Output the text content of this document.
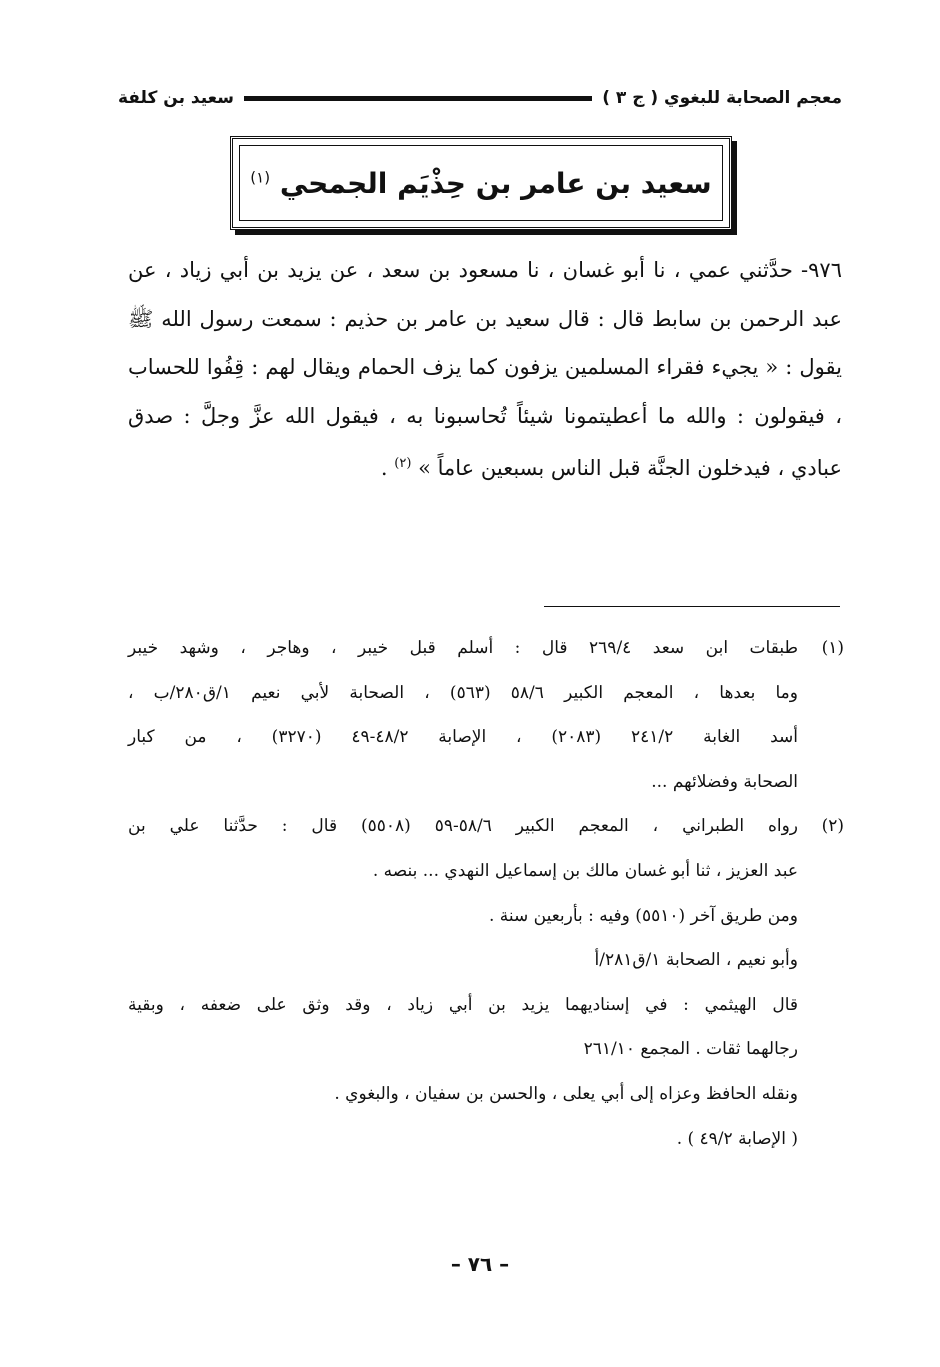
معجم الصحابة للبغوي ( ج ٣ )
سعيد بن كلفة
سعيد بن عامر بن حِذْيَم الجمحي $^{(١)}$

٩٧٦- حدَّثني عمي ، نا أبو غسان ، نا مسعود بن سعد ، عن يزيد بن أبي زياد ، عن عبد الرحمن بن سابط قال : قال سعيد بن عامر بن حذيم : سمعت رسول الله ﷺ يقول : « يجيء فقراء المسلمين يزفون كما يزف الحمام ويقال لهم : قِفُوا للحساب ، فيقولون : والله ما أعطيتمونا شيئاً تُحاسبونا به ، فيقول الله عزَّ وجلَّ : صدق عبادي ، فيدخلون الجنَّة قبل الناس بسبعين عاماً » $^{(٢)}$ .

(١)
طبقات ابن سعد ٢٦٩/٤ قال : أسلم قبل خيبر ، وهاجر ، وشهد خيبر
وما بعدها ، المعجم الكبير ٥٨/٦ (٥٦٣) ، الصحابة لأبي نعيم ١/ق٢٨٠/ب ،
أسد الغابة ٢٤١/٢ (٢٠٨٣) ، الإصابة ٤٨/٢-٤٩ (٣٢٧٠) ، من كبار
الصحابة وفضلائهم ...
(٢)
رواه الطبراني ، المعجم الكبير ٥٨/٦-٥٩ (٥٥٠٨) قال : حدَّثنا علي بن
عبد العزيز ، ثنا أبو غسان مالك بن إسماعيل النهدي ... بنصه .
ومن طريق آخر (٥٥١٠) وفيه : بأربعين سنة .
وأبو نعيم ، الصحابة ١/ق٢٨١/أ
قال الهيثمي : في إسناديهما يزيد بن أبي زياد ، وقد وثق على ضعفه ، وبقية
رجالهما ثقات . المجمع ٢٦١/١٠
ونقله الحافظ وعزاه إلى أبي يعلى ، والحسن بن سفيان ، والبغوي .
( الإصابة ٤٩/٢ ) .
– ٧٦ –
